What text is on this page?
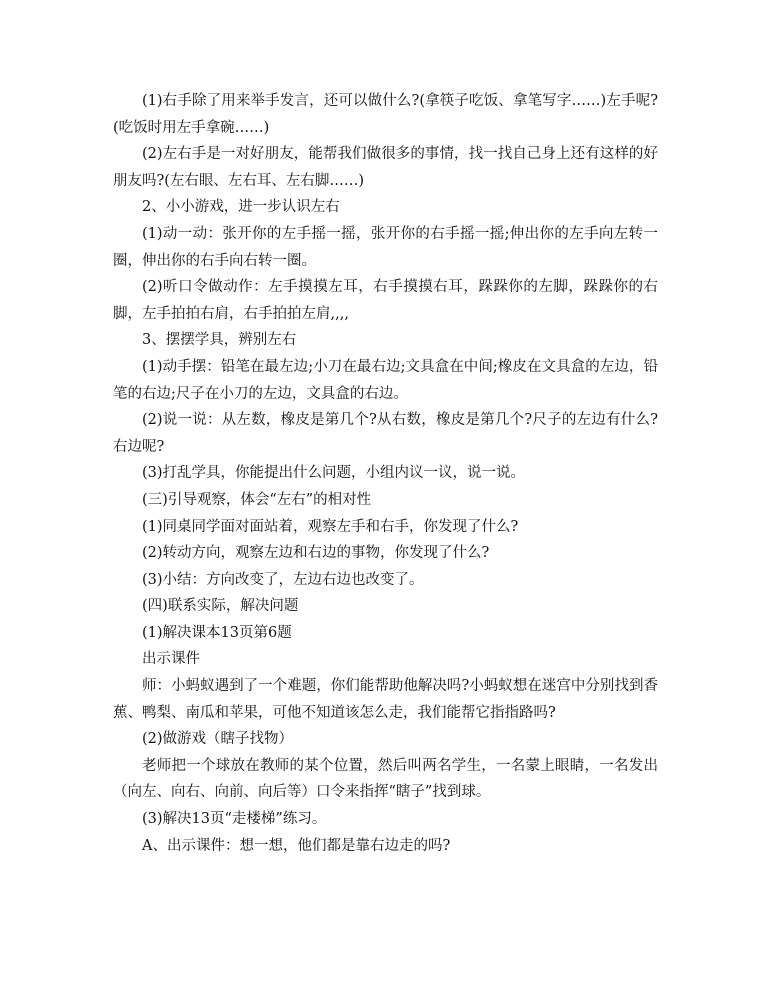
(1)右手除了用来举手发言，还可以做什么?(拿筷子吃饭、拿笔写字……)左手呢?(吃饭时用左手拿碗……)

(2)左右手是一对好朋友，能帮我们做很多的事情，找一找自己身上还有这样的好朋友吗?(左右眼、左右耳、左右脚……)

2、小小游戏，进一步认识左右

(1)动一动：张开你的左手摇一摇，张开你的右手摇一摇;伸出你的左手向左转一圈，伸出你的右手向右转一圈。

(2)听口令做动作：左手摸摸左耳，右手摸摸右耳，跺跺你的左脚，跺跺你的右脚，左手拍拍右肩，右手拍拍左肩,,,,

3、摆摆学具，辨别左右

(1)动手摆：铅笔在最左边;小刀在最右边;文具盒在中间;橡皮在文具盒的左边，铅笔的右边;尺子在小刀的左边，文具盒的右边。

(2)说一说：从左数，橡皮是第几个?从右数，橡皮是第几个?尺子的左边有什么?右边呢?

(3)打乱学具，你能提出什么问题，小组内议一议，说一说。

(三)引导观察，体会“左右”的相对性

(1)同桌同学面对面站着，观察左手和右手，你发现了什么?

(2)转动方向，观察左边和右边的事物，你发现了什么?

(3)小结：方向改变了，左边右边也改变了。

(四)联系实际，解决问题

(1)解决课本13页第6题

出示课件

师：小蚂蚁遇到了一个难题，你们能帮助他解决吗?小蚂蚁想在迷宫中分别找到香蕉、鸭梨、南瓜和苹果，可他不知道该怎么走，我们能帮它指指路吗?

(2)做游戏（瞎子找物）

老师把一个球放在教师的某个位置，然后叫两名学生，一名蒙上眼睛，一名发出（向左、向右、向前、向后等）口令来指挥“瞎子”找到球。

(3)解决13页“走楼梯”练习。

A、出示课件：想一想，他们都是靠右边走的吗?
